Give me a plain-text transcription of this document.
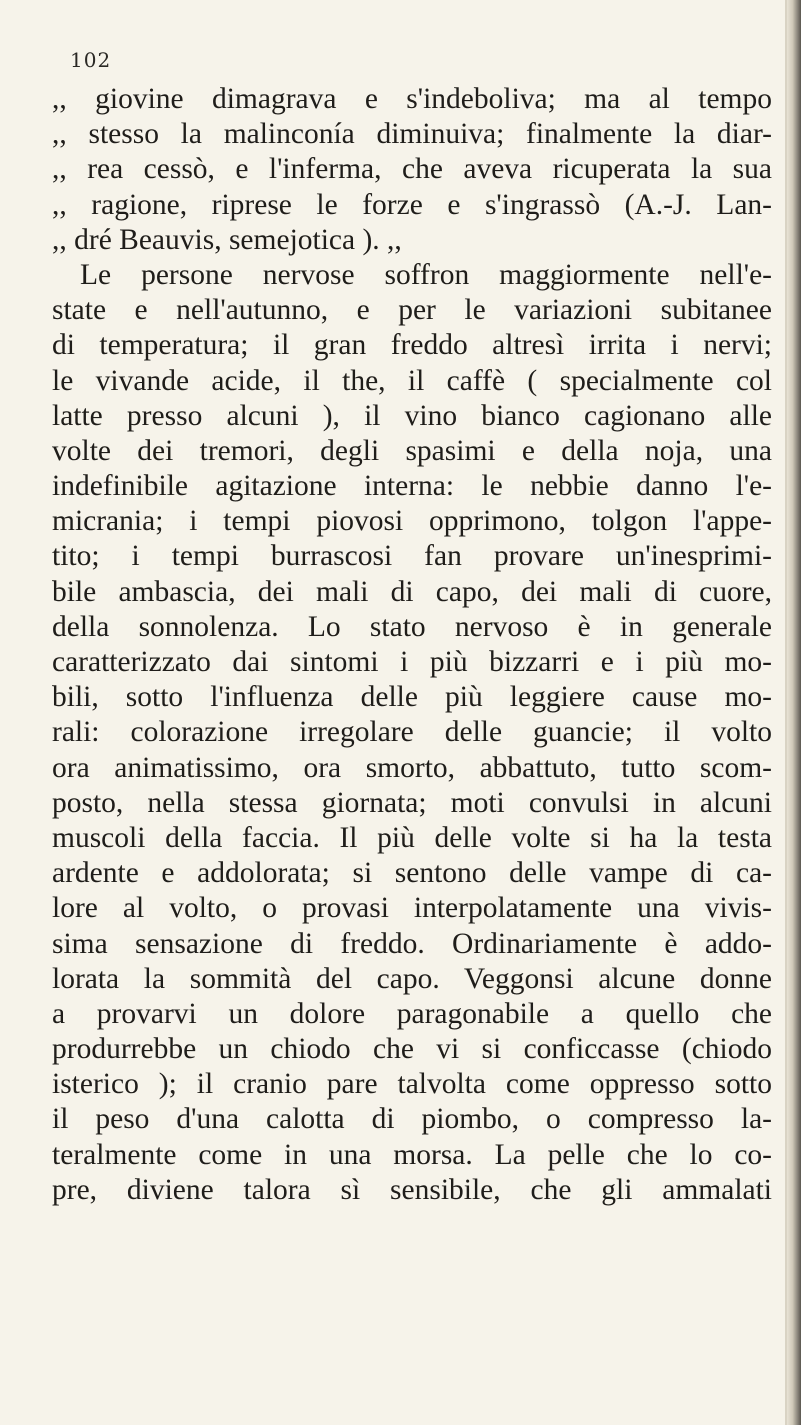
102
,, giovine dimagrava e s'indeboliva; ma al tempo
,, stesso la malinconía diminuiva; finalmente la diar-
,, rea cessò, e l'inferma, che aveva ricuperata la sua
,, ragione, riprese le forze e s'ingrassò (A.-J. Lan-
,, dré Beauvis, semejotica ). ,,
Le persone nervose soffron maggiormente nell'e-
state e nell'autunno, e per le variazioni subitanee
di temperatura; il gran freddo altresì irrita i nervi;
le vivande acide, il the, il caffè ( specialmente col
latte presso alcuni ), il vino bianco cagionano alle
volte dei tremori, degli spasimi e della noja, una
indefinibile agitazione interna: le nebbie danno l'e-
micrania; i tempi piovosi opprimono, tolgon l'appe-
tito; i tempi burrascosi fan provare un'inesprimi-
bile ambascia, dei mali di capo, dei mali di cuore,
della sonnolenza. Lo stato nervoso è in generale
caratterizzato dai sintomi i più bizzarri e i più mo-
bili, sotto l'influenza delle più leggiere cause mo-
rali: colorazione irregolare delle guancie; il volto
ora animatissimo, ora smorto, abbattuto, tutto scom-
posto, nella stessa giornata; moti convulsi in alcuni
muscoli della faccia. Il più delle volte si ha la testa
ardente e addolorata; si sentono delle vampe di ca-
lore al volto, o provasi interpolatamente una vivis-
sima sensazione di freddo. Ordinariamente è addo-
lorata la sommità del capo. Veggonsi alcune donne
a provarvi un dolore paragonabile a quello che
produrrebbe un chiodo che vi si conficcasse (chiodo
isterico ); il cranio pare talvolta come oppresso sotto
il peso d'una calotta di piombo, o compresso la-
teralmente come in una morsa. La pelle che lo co-
pre, diviene talora sì sensibile, che gli ammalati
